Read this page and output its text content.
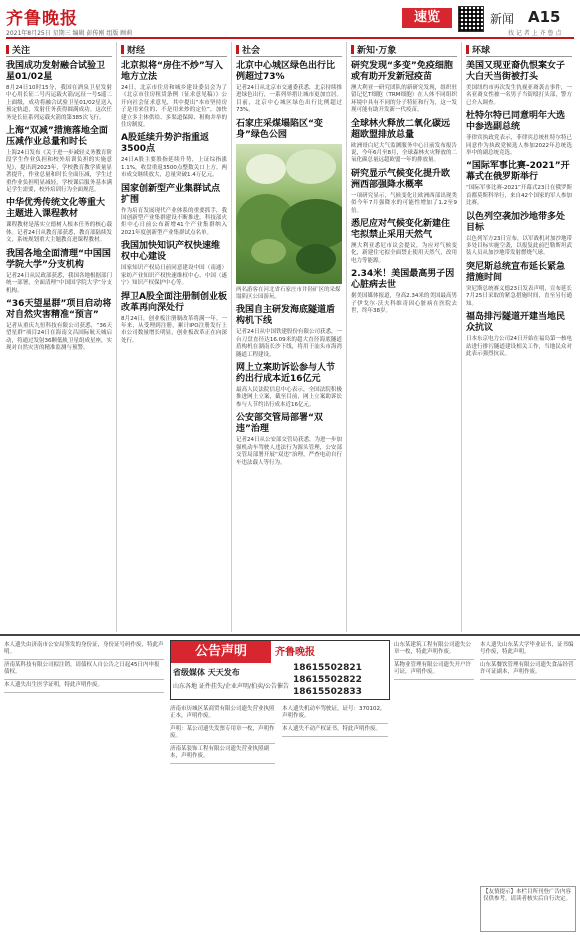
齐鲁晚报
2021年8月25日 星期三 编辑 彭传刚 组版 顾莉
速览	新闻 A15
找 记 者 上 齐 鲁 点
关注
我国成功发射融合试验卫星01/02星
8月24日10时15分，我国在酒泉卫星发射中心用长征二号丙运载火箭/远征一号S遥二上面级，成功将融合试验卫星01/02星送入预定轨道，发射任务获得圆满成功。这次任务是长征系列运载火箭的第385次飞行。
上海“双减”措施落地全面压减作业总量和时长
上海24日发布《关于进一步减轻义务教育阶段学生作业负担和校外培训负担的实施意见》，提出到2023年，学校教育教学质量显著提升，作业总量和时长全面压减，学生过重作业负担明显减轻，学校课后服务基本满足学生需要，校外培训行为全面规范。
中华优秀传统文化等重大主题进入课程教材
课程教材是落实立德树人根本任务的核心载体。记者24日从教育部获悉，教育部陆续发文，系统规划重大主题教育进课程教材。
我国各地全面清理“中国国学院大学”分支机构
记者24日从民政部获悉，我国各地根据部门统一部署，全面清理“中国国学院大学”分支机构。
“36天望星群”项目启动将对自然灾害精准“预言”
记者从重庆九恒科技有限公司获悉，“36天望星群”项目24日在海南文昌国际航天城启动，将通过发射36颗低轨卫星组成星座，实现对自然灾害的精准监测与预警。
财经
北京拟将“房住不炒”写入地方立法
24日，北京市住房和城乡建设委员会为了《北京市住房租赁条例（征求意见稿）》公开向社会征求意见，其中提出“本市坚持房子是用来住的、不是用来炒的定位”，加快建立多主体供给、多渠道保障、租购并举的住房制度。
A股延续升势沪指重返3500点
24日A股主要股指延续升势，上证综指涨1.1%，收盘重返3500点整数关口上方。两市成交继续放大，总量突破1.4万亿元。
国家创新型产业集群试点扩围
作为培育发展现代产业体系的重要抓手，我国创新型产业集群建设不断推进。科技部火炬中心日前公布新增41个产业集群纳入2021年度创新型产业集群试点名单。
我国加快知识产权快速维权中心建设
国家知识产权局日前同意建设中国（南通）家纺产业知识产权快速维权中心、中国（遂宁）知识产权保护中心等。
捍卫A股全面注册制创业板改革再向深处行
8月24日，创业板注册制改革将满一年。一年来，从受理到注册，累计IPO注册发行上市公司数量增长明显，创业板改革正在向深处行。
社会
北京中心城区绿色出行比例超过73%
记者24日从北京市交通委获悉，北京持续推进绿色出行，一系列举措让城市更加宜居。目前，北京中心城区绿色出行比例超过73%。
石家庄采煤塌陷区“变身”绿色公园
两名游客在河北省石家庄市井陉矿区的采煤塌陷区公园游玩。
我国自主研发海底隧道盾构机下线
记者24日从中国铁建股份有限公司获悉，一台刀盘直径达16.09米的超大直径海底隧道盾构机在湖南长沙下线，将用于汕头市海湾隧道工程建设。
网上立案助诉讼参与人节约出行成本近16亿元
最高人民法院信息中心表示，全国法院积极推进网上立案，截至目前，网上立案助诉讼参与人节约出行成本近16亿元。
公安部交管局部署“双违”治理
记者24日从公安部交管局获悉，为进一步加强机动车驾驶人违法行为源头管理，公安部交管局部署开展“双违”治理，严查电动自行车违法载人等行为。
新知·万象
研究发现“多变”免疫细胞或有助开发新冠疫苗
澳大利亚一研究团队的新研究发现，组织驻留记忆T细胞（TRM细胞）在人体不同组织环境中具有不同的分子特征和行为，这一发现可能有助开发新一代疫苗。
全球林火释放二氧化碳远超欧盟排放总量
欧洲哥白尼大气监测服务中心日前发布报告说，今年6月至8月，全球森林火灾释放的二氧化碳总量远超欧盟一年的排放量。
研究显示气候变化提升欧洲西部强降水概率
一项研究显示，气候变化让欧洲西部出现类似今年7月强降水的可能性增加了1.2至9倍。
悉尼应对气候变化新建住宅拟禁止采用天然气
澳大利亚悉尼市议会提议，为应对气候变化，新建住宅拟全面禁止使用天然气，改用电力等能源。
2.34米！美国最高男子因心脏病去世
据美国媒体报道，身高2.34米的美国最高男子伊戈尔·沃夫科维奇因心脏病在医院去世，终年38岁。
环球
美国又现亚裔仇恨案女子大白天当街被打头
美国纽约市再次发生仇视亚裔袭击事件，一名亚裔女性被一名男子当街殴打头部，警方已介入调查。
杜特尔特已同意明年大选中参选副总统
菲律宾执政党表示，菲律宾总统杜特尔特已同意作为执政党候选人参加2022年总统选举中的副总统竞选。
“国际军事比赛-2021”开幕式在俄罗斯举行
“国际军事比赛-2021”开幕式23日在俄罗斯首都莫斯科举行，来自42个国家的军人参加比赛。
以色列空袭加沙地带多处目标
以色列军方23日宣布，以军战机对加沙地带多处目标实施空袭，以报复此前巴勒斯坦武装人员从加沙地带发射燃烧气球。
突尼斯总统宣布延长紧急措施时间
突尼斯总统赛义德23日发表声明，宣布延长7月25日采取的紧急措施时间，直至另行通知。
福岛排污隧道开建当地民众抗议
日本东京电力公司24日开始在福岛第一核电站进行排污隧道建设相关工作，当地民众对此表示强烈抗议。
本人遗失由济南市公安局签发的身份证，身份证号码作废，特此声明。
济南某科技有限公司拟注销，请债权人自公告之日起45日内申报债权。
本人遗失出生医学证明，特此声明作废。
公告声明	齐鲁晚报
省级媒体 天天发布
山东各地 证件挂失/企业声明/拍卖/公告催告
18615502821
18615502822
18615502833
济南市历城区某商贸有限公司遗失营业执照正本，声明作废。
声明：某公司遗失发票专用章一枚，声明作废。
济南某装饰工程有限公司遗失营业执照副本，声明作废。
本人遗失机动车驾驶证，证号：370102，声明作废。
本人遗失不动产权证书，特此声明作废。
山东某建筑工程有限公司遗失公章一枚，特此声明作废。
某物业管理有限公司遗失开户许可证，声明作废。
本人遗失山东某大学毕业证书，证书编号作废，特此声明。
山东某餐饮管理有限公司遗失食品经营许可证副本，声明作废。
【友情提示】本栏目所刊登广告内容仅供参考，请读者核实后自行决定。
